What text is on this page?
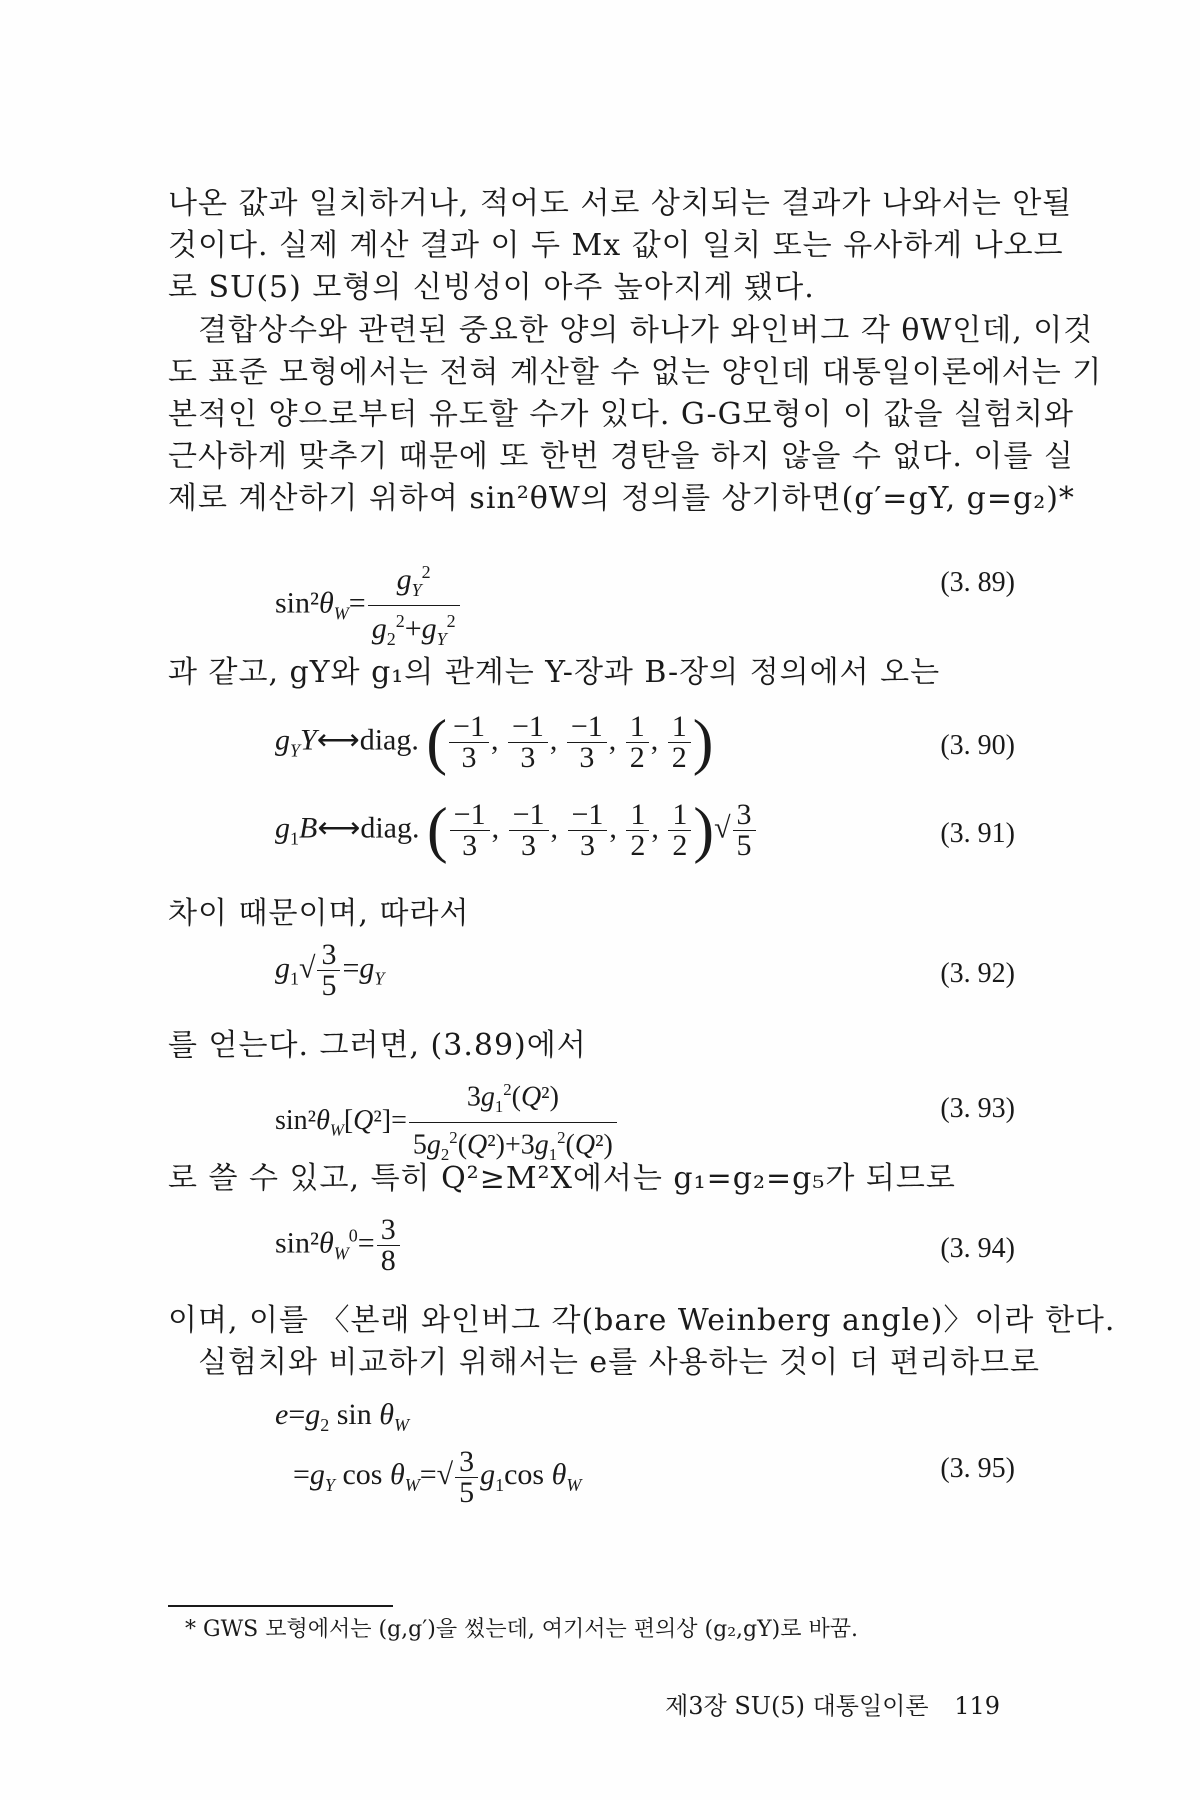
나온 값과 일치하거나, 적어도 서로 상치되는 결과가 나와서는 안될
것이다. 실제 계산 결과 이 두 Mx 값이 일치 또는 유사하게 나오므
로 SU(5) 모형의 신빙성이 아주 높아지게 됐다.
결합상수와 관련된 중요한 양의 하나가 와인버그 각 θW인데, 이것
도 표준 모형에서는 전혀 계산할 수 없는 양인데 대통일이론에서는 기
본적인 양으로부터 유도할 수가 있다. G-G모형이 이 값을 실험치와
근사하게 맞추기 때문에 또 한번 경탄을 하지 않을 수 없다. 이를 실
제로 계산하기 위하여 sin²θW의 정의를 상기하면(g′=gY, g=g₂)*
$\sin^2\theta_W= \frac{g_Y^2}{g_2^2+g_Y^2}$	(3. 89)
과 같고, gY와 g₁의 관계는 Y-장과 B-장의 정의에서 오는
$g_YY⟷diag$. ( $\frac{-1}{3}$ , $\frac{-1}{3}$ , $\frac{-1}{3}$ , $\frac{1}{2}$ , $\frac{1}{2}$ )	(3. 90)
$g_1B⟷diag$. ( $\frac{-1}{3}$ , $\frac{-1}{3}$ , $\frac{-1}{3}$ , $\frac{1}{2}$ , $\frac{1}{2}$ )√ $\frac{3}{5}$	(3. 91)
차이 때문이며, 따라서
$g_1√ \frac{3}{5} =g_Y$	(3. 92)
를 얻는다. 그러면, (3.89)에서
$\sin^2\theta_W[Q^2]= \frac{3g_1^2(Q^2)}{5g_2^2(Q^2)+3g_1^2(Q^2)}$	(3. 93)
로 쓸 수 있고, 특히 Q²≥M²X에서는 g₁=g₂=g₅가 되므로
$\sin^2\theta_W^0= \frac{3}{8}$	(3. 94)
이며, 이를 〈본래 와인버그 각(bare Weinberg angle)〉이라 한다.
실험치와 비교하기 위해서는 e를 사용하는 것이 더 편리하므로
$e=g_2$ $\sin \theta_W$
$=g_Y$ $\cos \theta_W=√ \frac{3}{5} g_1\cos$ $\theta_W$
(3. 95)
* GWS 모형에서는 (g,g′)을 썼는데, 여기서는 편의상 (g₂,gY)로 바꿈.
제3장 SU(5) 대통일이론 119
